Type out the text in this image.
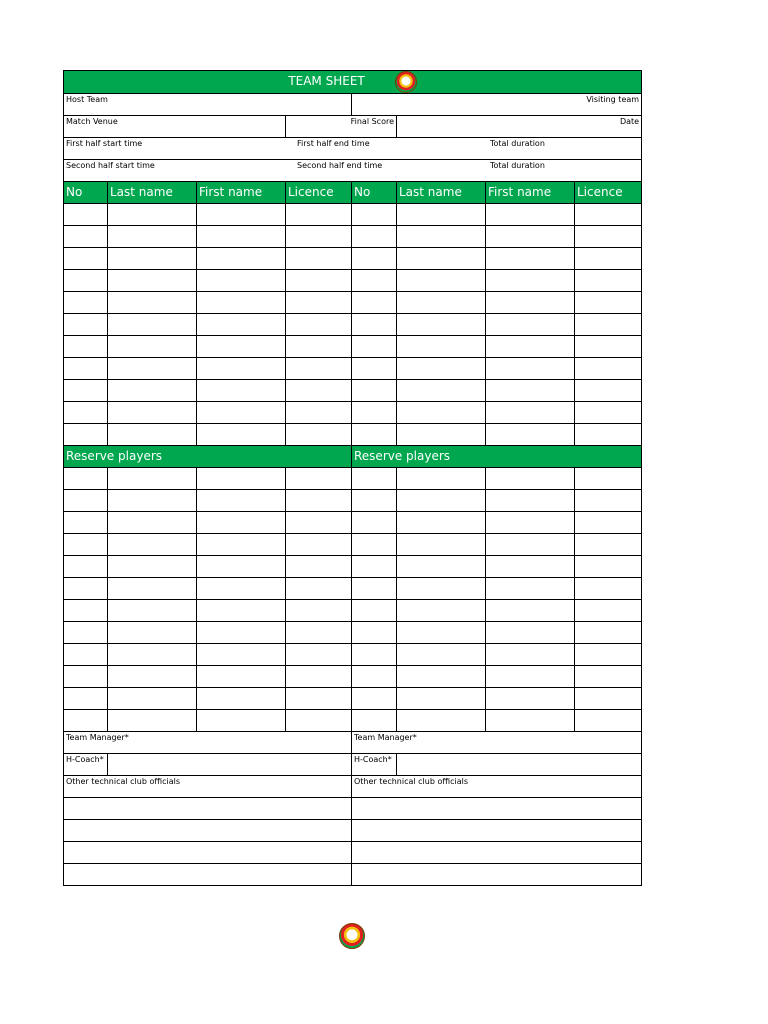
TEAM SHEET							

Host Team				Visiting team			
Match Venue			Final Score		Date		
First half start time First half end time Total duration							
Second half start time Second half end time Total duration							
No	Last name	First name	Licence	No	Last name	First name	Licence

Reserve players				Reserve players			

Team Manager*				Team Manager*			
H-Coach*				H-Coach*			
Other technical club officials				Other technical club officials			
